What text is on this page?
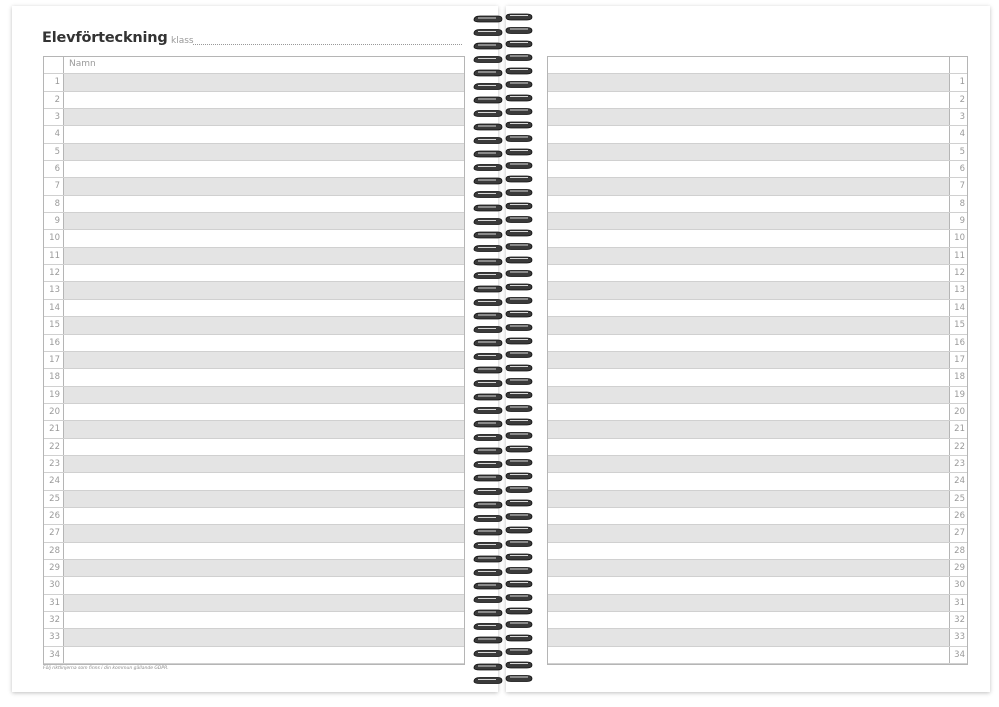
Elevförteckning klass
Namn
1
2
3
4
5
6
7
8
9
10
11
12
13
14
15
16
17
18
19
20
21
22
23
24
25
26
27
28
29
30
31
32
33
34
1
2
3
4
5
6
7
8
9
10
11
12
13
14
15
16
17
18
19
20
21
22
23
24
25
26
27
28
29
30
31
32
33
34
Följ riktlinjerna som finns i din kommun gällande GDPR.
